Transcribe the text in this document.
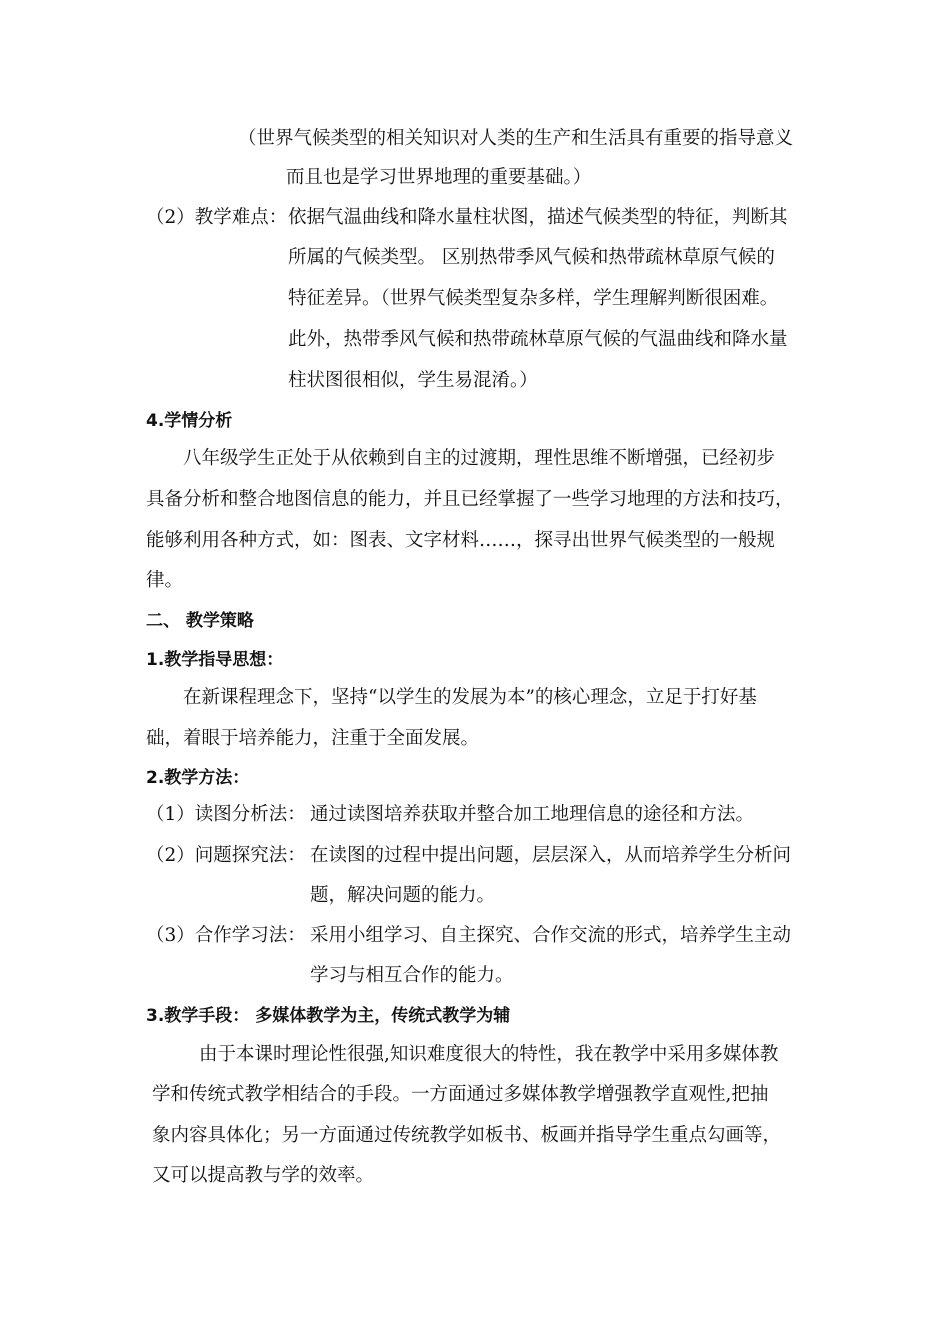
（世界气候类型的相关知识对人类的生产和生活具有重要的指导意义
而且也是学习世界地理的重要基础。）
（2）教学难点： 依据气温曲线和降水量柱状图，描述气候类型的特征，判断其
所属的气候类型。 区别热带季风气候和热带疏林草原气候的
特征差异。（世界气候类型复杂多样，学生理解判断很困难。
此外，热带季风气候和热带疏林草原气候的气温曲线和降水量
柱状图很相似，学生易混淆。）
4.学情分析
八年级学生正处于从依赖到自主的过渡期，理性思维不断增强，已经初步
具备分析和整合地图信息的能力，并且已经掌握了一些学习地理的方法和技巧，
能够利用各种方式，如：图表、文字材料……，探寻出世界气候类型的一般规
律。
二、 教学策略
1.教学指导思想：
在新课程理念下，坚持“以学生的发展为本”的核心理念，立足于打好基
础，着眼于培养能力，注重于全面发展。
2.教学方法：
（1）读图分析法： 通过读图培养获取并整合加工地理信息的途径和方法。
（2）问题探究法： 在读图的过程中提出问题，层层深入，从而培养学生分析问
题，解决问题的能力。
（3）合作学习法： 采用小组学习、自主探究、合作交流的形式，培养学生主动
学习与相互合作的能力。
3.教学手段： 多媒体教学为主，传统式教学为辅
由于本课时理论性很强,知识难度很大的特性，我在教学中采用多媒体教
学和传统式教学相结合的手段。一方面通过多媒体教学增强教学直观性,把抽
象内容具体化；另一方面通过传统教学如板书、板画并指导学生重点勾画等，
又可以提高教与学的效率。
